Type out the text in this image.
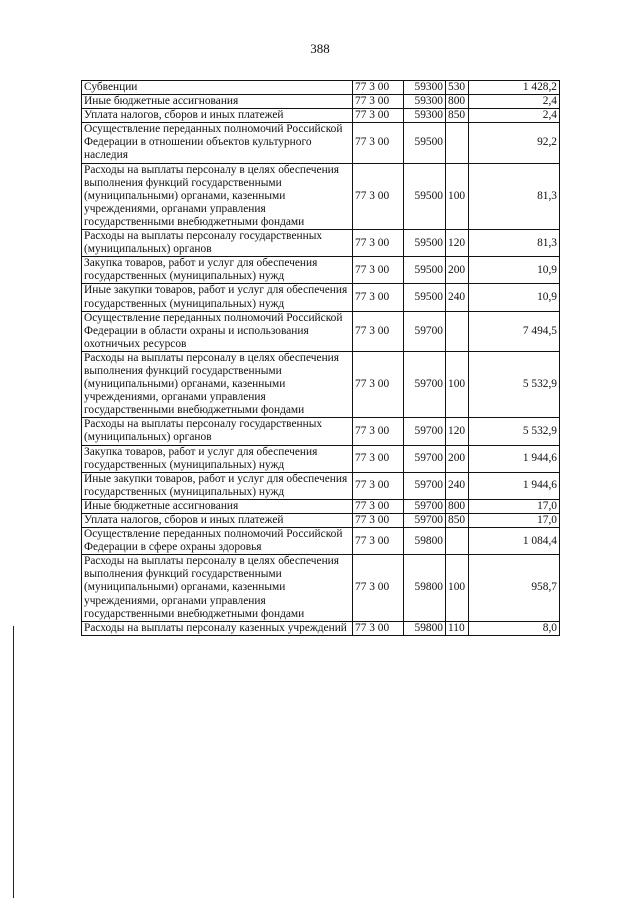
388
Субвенции	77 3 00	59300	530	1 428,2
Иные бюджетные ассигнования	77 3 00	59300	800	2,4
Уплата налогов, сборов и иных платежей	77 3 00	59300	850	2,4
Осуществление переданных полномочий Российской Федерации в отношении объектов культурного наследия	77 3 00	59500		92,2
Расходы на выплаты персоналу в целях обеспечения выполнения функций государственными (муниципальными) органами, казенными учреждениями, органами управления государственными внебюджетными фондами	77 3 00	59500	100	81,3
Расходы на выплаты персоналу государственных (муниципальных) органов	77 3 00	59500	120	81,3
Закупка товаров, работ и услуг для обеспечения государственных (муниципальных) нужд	77 3 00	59500	200	10,9
Иные закупки товаров, работ и услуг для обеспечения государственных (муниципальных) нужд	77 3 00	59500	240	10,9
Осуществление переданных полномочий Российской Федерации в области охраны и использования охотничьих ресурсов	77 3 00	59700		7 494,5
Расходы на выплаты персоналу в целях обеспечения выполнения функций государственными (муниципальными) органами, казенными учреждениями, органами управления государственными внебюджетными фондами	77 3 00	59700	100	5 532,9
Расходы на выплаты персоналу государственных (муниципальных) органов	77 3 00	59700	120	5 532,9
Закупка товаров, работ и услуг для обеспечения государственных (муниципальных) нужд	77 3 00	59700	200	1 944,6
Иные закупки товаров, работ и услуг для обеспечения государственных (муниципальных) нужд	77 3 00	59700	240	1 944,6
Иные бюджетные ассигнования	77 3 00	59700	800	17,0
Уплата налогов, сборов и иных платежей	77 3 00	59700	850	17,0
Осуществление переданных полномочий Российской Федерации в сфере охраны здоровья	77 3 00	59800		1 084,4
Расходы на выплаты персоналу в целях обеспечения выполнения функций государственными (муниципальными) органами, казенными учреждениями, органами управления государственными внебюджетными фондами	77 3 00	59800	100	958,7
Расходы на выплаты персоналу казенных учреждений	77 3 00	59800	110	8,0
